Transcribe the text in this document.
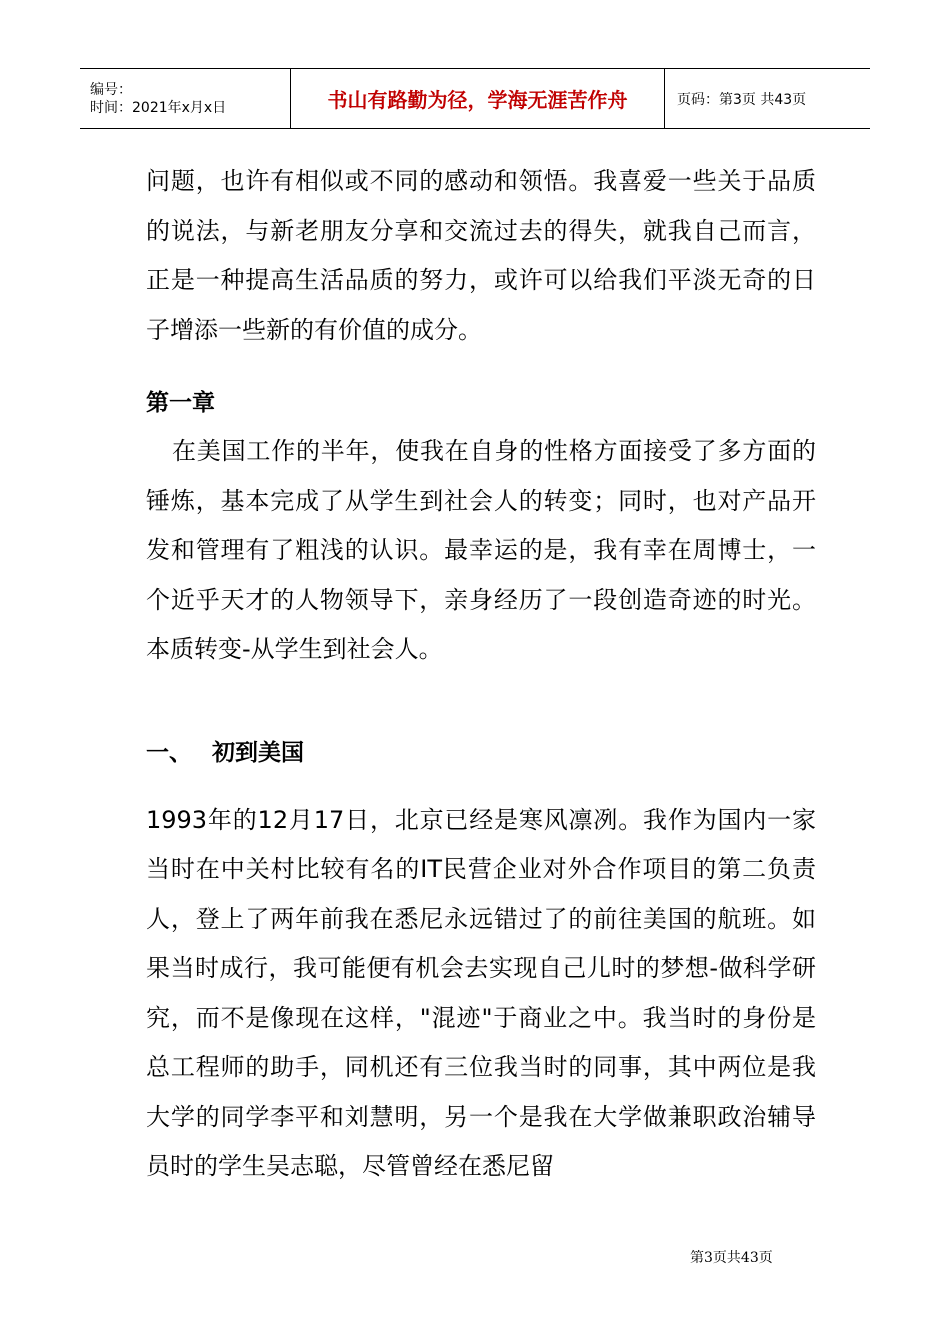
编号：
时间：2021年x月x日	书山有路勤为径，学海无涯苦作舟	页码：第3页 共43页

问题，也许有相似或不同的感动和领悟。我喜爱一些关于品质的说法，与新老朋友分享和交流过去的得失，就我自己而言，正是一种提高生活品质的努力，或许可以给我们平淡无奇的日子增添一些新的有价值的成分。

第一章

在美国工作的半年，使我在自身的性格方面接受了多方面的锤炼，基本完成了从学生到社会人的转变；同时，也对产品开发和管理有了粗浅的认识。最幸运的是，我有幸在周博士，一个近乎天才的人物领导下，亲身经历了一段创造奇迹的时光。本质转变-从学生到社会人。

一、 初到美国

1993年的12月17日，北京已经是寒风凛冽。我作为国内一家当时在中关村比较有名的IT民营企业对外合作项目的第二负责人，登上了两年前我在悉尼永远错过了的前往美国的航班。如果当时成行，我可能便有机会去实现自己儿时的梦想-做科学研究，而不是像现在这样，"混迹"于商业之中。我当时的身份是总工程师的助手，同机还有三位我当时的同事，其中两位是我大学的同学李平和刘慧明，另一个是我在大学做兼职政治辅导员时的学生吴志聪，尽管曾经在悉尼留

第3页共43页
